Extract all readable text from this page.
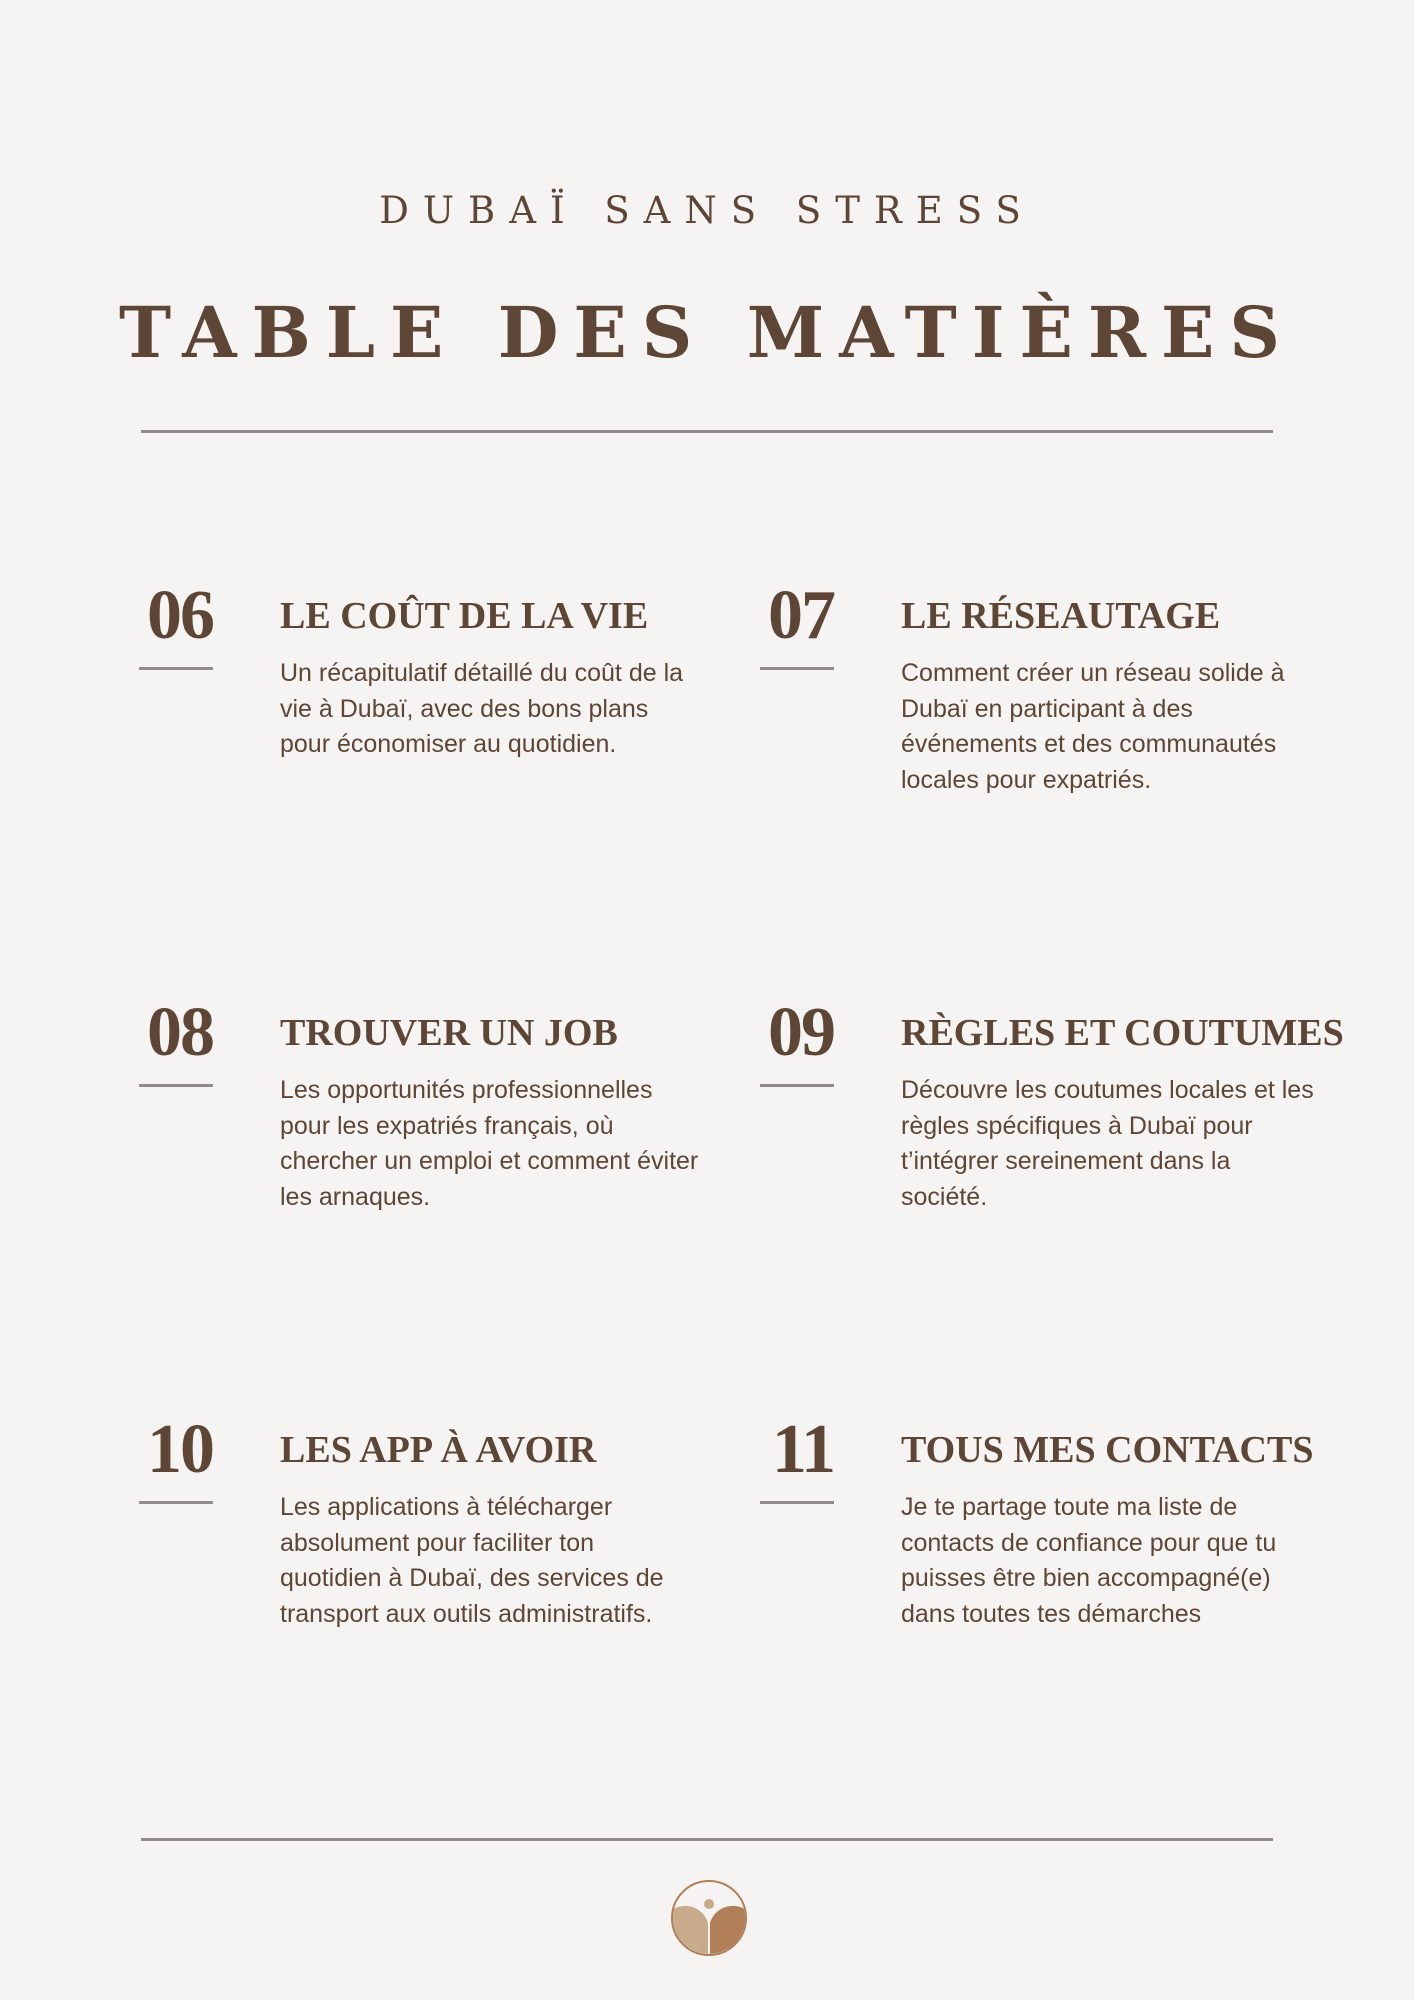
DUBAÏ SANS STRESS
TABLE DES MATIÈRES
06 LE COÛT DE LA VIE
Un récapitulatif détaillé du coût de la vie à Dubaï, avec des bons plans pour économiser au quotidien.
07 LE RÉSEAUTAGE
Comment créer un réseau solide à Dubaï en participant à des événements et des communautés locales pour expatriés.
08 TROUVER UN JOB
Les opportunités professionnelles pour les expatriés français, où chercher un emploi et comment éviter les arnaques.
09 RÈGLES ET COUTUMES
Découvre les coutumes locales et les règles spécifiques à Dubaï pour t’intégrer sereinement dans la société.
10 LES APP À AVOIR
Les applications à télécharger absolument pour faciliter ton quotidien à Dubaï, des services de transport aux outils administratifs.
11 TOUS MES CONTACTS
Je te partage toute ma liste de contacts de confiance pour que tu puisses être bien accompagné(e) dans toutes tes démarches
